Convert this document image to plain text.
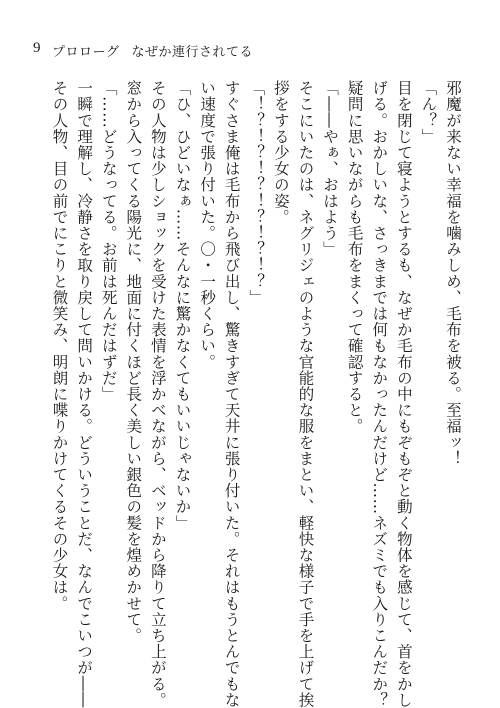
9 プロローグ なぜか連行されてる

邪魔が来ない幸福を噛みしめ、毛布を被る。至福ッ！

「ん？」

目を閉じて寝ようとするも、なぜか毛布の中にもぞもぞと動く物体を感じて、首をかし

げる。おかしいな、さっきまでは何もなかったんだけど……ネズミでも入りこんだか？

疑問に思いながらも毛布をまくって確認すると。

「――やぁ、おはよう」

そこにいたのは、ネグリジェのような官能的な服をまとい、軽快な様子で手を上げて挨

拶をする少女の姿。

「！？！？！？！？！？！？」

すぐさま俺は毛布から飛び出し、驚きすぎて天井に張り付いた。それはもうとんでもな

い速度で張り付いた。〇・一秒くらい。

「ひ、ひどいなぁ……そんなに驚かなくてもいいじゃないか」

その人物は少しショックを受けた表情を浮かべながら、ベッドから降りて立ち上がる。

窓から入ってくる陽光に、地面に付くほど長く美しい銀色の髪を煌めかせて。

「……どうなってる。お前は死んだはずだ」

一瞬で理解し、冷静さを取り戻して問いかける。どういうことだ、なんでこいつが――

その人物、目の前でにこりと微笑み、明朗に喋りかけてくるその少女は。
